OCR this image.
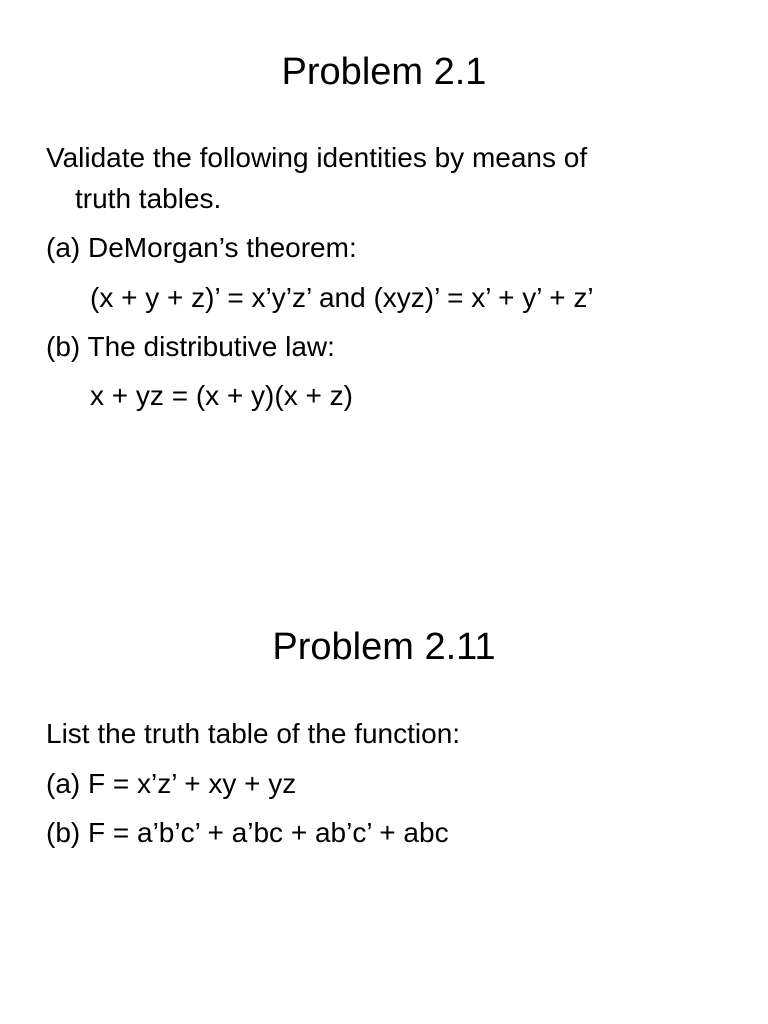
Problem 2.1
Validate the following identities by means of
truth tables.
(a) DeMorgan’s theorem:
(x + y + z)’ = x’y’z’ and (xyz)’ = x’ + y’ + z’
(b) The distributive law:
x + yz = (x + y)(x + z)
Problem 2.11
List the truth table of the function:
(a) F = x’z’ + xy + yz
(b) F = a’b’c’ + a’bc + ab’c’ + abc
